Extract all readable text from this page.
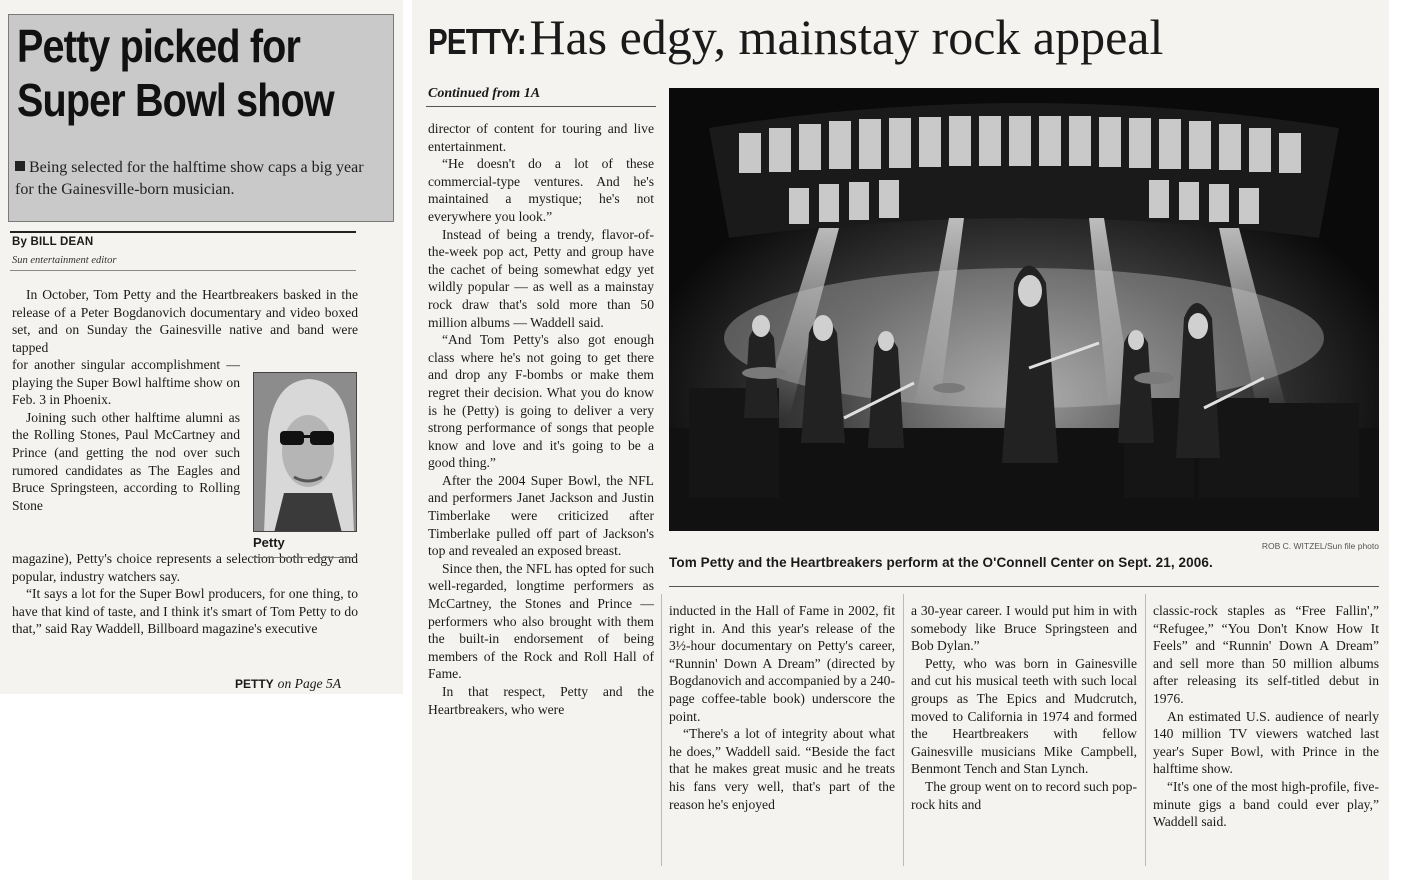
Petty picked for
Super Bowl show
Being selected for the halftime show caps a big year for the Gainesville-born musician.
By BILL DEAN
Sun entertainment editor

In October, Tom Petty and the Heartbreakers basked in the release of a Peter Bogdanovich documentary and video boxed set, and on Sunday the Gainesville native and band were tapped

for another singular accomplishment — playing the Super Bowl halftime show on Feb. 3 in Phoenix.

Joining such other halftime alumni as the Rolling Stones, Paul McCartney and Prince (and getting the nod over such rumored candidates as The Eagles and Bruce Springsteen, according to Rolling Stone

magazine), Petty's choice represents a selection both edgy and popular, industry watchers say.

“It says a lot for the Super Bowl producers, for one thing, to have that kind of taste, and I think it's smart of Tom Petty to do that,” said Ray Waddell, Billboard magazine's executive

Petty
PETTY on Page 5A
PETTY:Has edgy, mainstay rock appeal
Continued from 1A

director of content for touring and live entertainment.

“He doesn't do a lot of these commercial-type ventures. And he's maintained a mystique; he's not everywhere you look.”

Instead of being a trendy, flavor-of-the-week pop act, Petty and group have the cachet of being somewhat edgy yet wildly popular — as well as a mainstay rock draw that's sold more than 50 million albums — Waddell said.

“And Tom Petty's also got enough class where he's not going to get there and drop any F-bombs or make them regret their decision. What you do know is he (Petty) is going to deliver a very strong performance of songs that people know and love and it's going to be a good thing.”

After the 2004 Super Bowl, the NFL and performers Janet Jackson and Justin Timberlake were criticized after Timberlake pulled off part of Jackson's top and revealed an exposed breast.

Since then, the NFL has opted for such well-regarded, longtime performers as McCartney, the Stones and Prince — performers who also brought with them the built-in endorsement of being members of the Rock and Roll Hall of Fame.

In that respect, Petty and the Heartbreakers, who were

ROB C. WITZEL/Sun file photo
Tom Petty and the Heartbreakers perform at the O'Connell Center on Sept. 21, 2006.

inducted in the Hall of Fame in 2002, fit right in. And this year's release of the 3½-hour documentary on Petty's career, “Runnin' Down A Dream” (directed by Bogdanovich and accompanied by a 240-page coffee-table book) underscore the point.

“There's a lot of integrity about what he does,” Waddell said. “Beside the fact that he makes great music and he treats his fans very well, that's part of the reason he's enjoyed

a 30-year career. I would put him in with somebody like Bruce Springsteen and Bob Dylan.”

Petty, who was born in Gainesville and cut his musical teeth with such local groups as The Epics and Mudcrutch, moved to California in 1974 and formed the Heartbreakers with fellow Gainesville musicians Mike Campbell, Benmont Tench and Stan Lynch.

The group went on to record such pop-rock hits and

classic-rock staples as “Free Fallin',” “Refugee,” “You Don't Know How It Feels” and “Runnin' Down A Dream” and sell more than 50 million albums after releasing its self-titled debut in 1976.

An estimated U.S. audience of nearly 140 million TV viewers watched last year's Super Bowl, with Prince in the halftime show.

“It's one of the most high-profile, five-minute gigs a band could ever play,” Waddell said.
